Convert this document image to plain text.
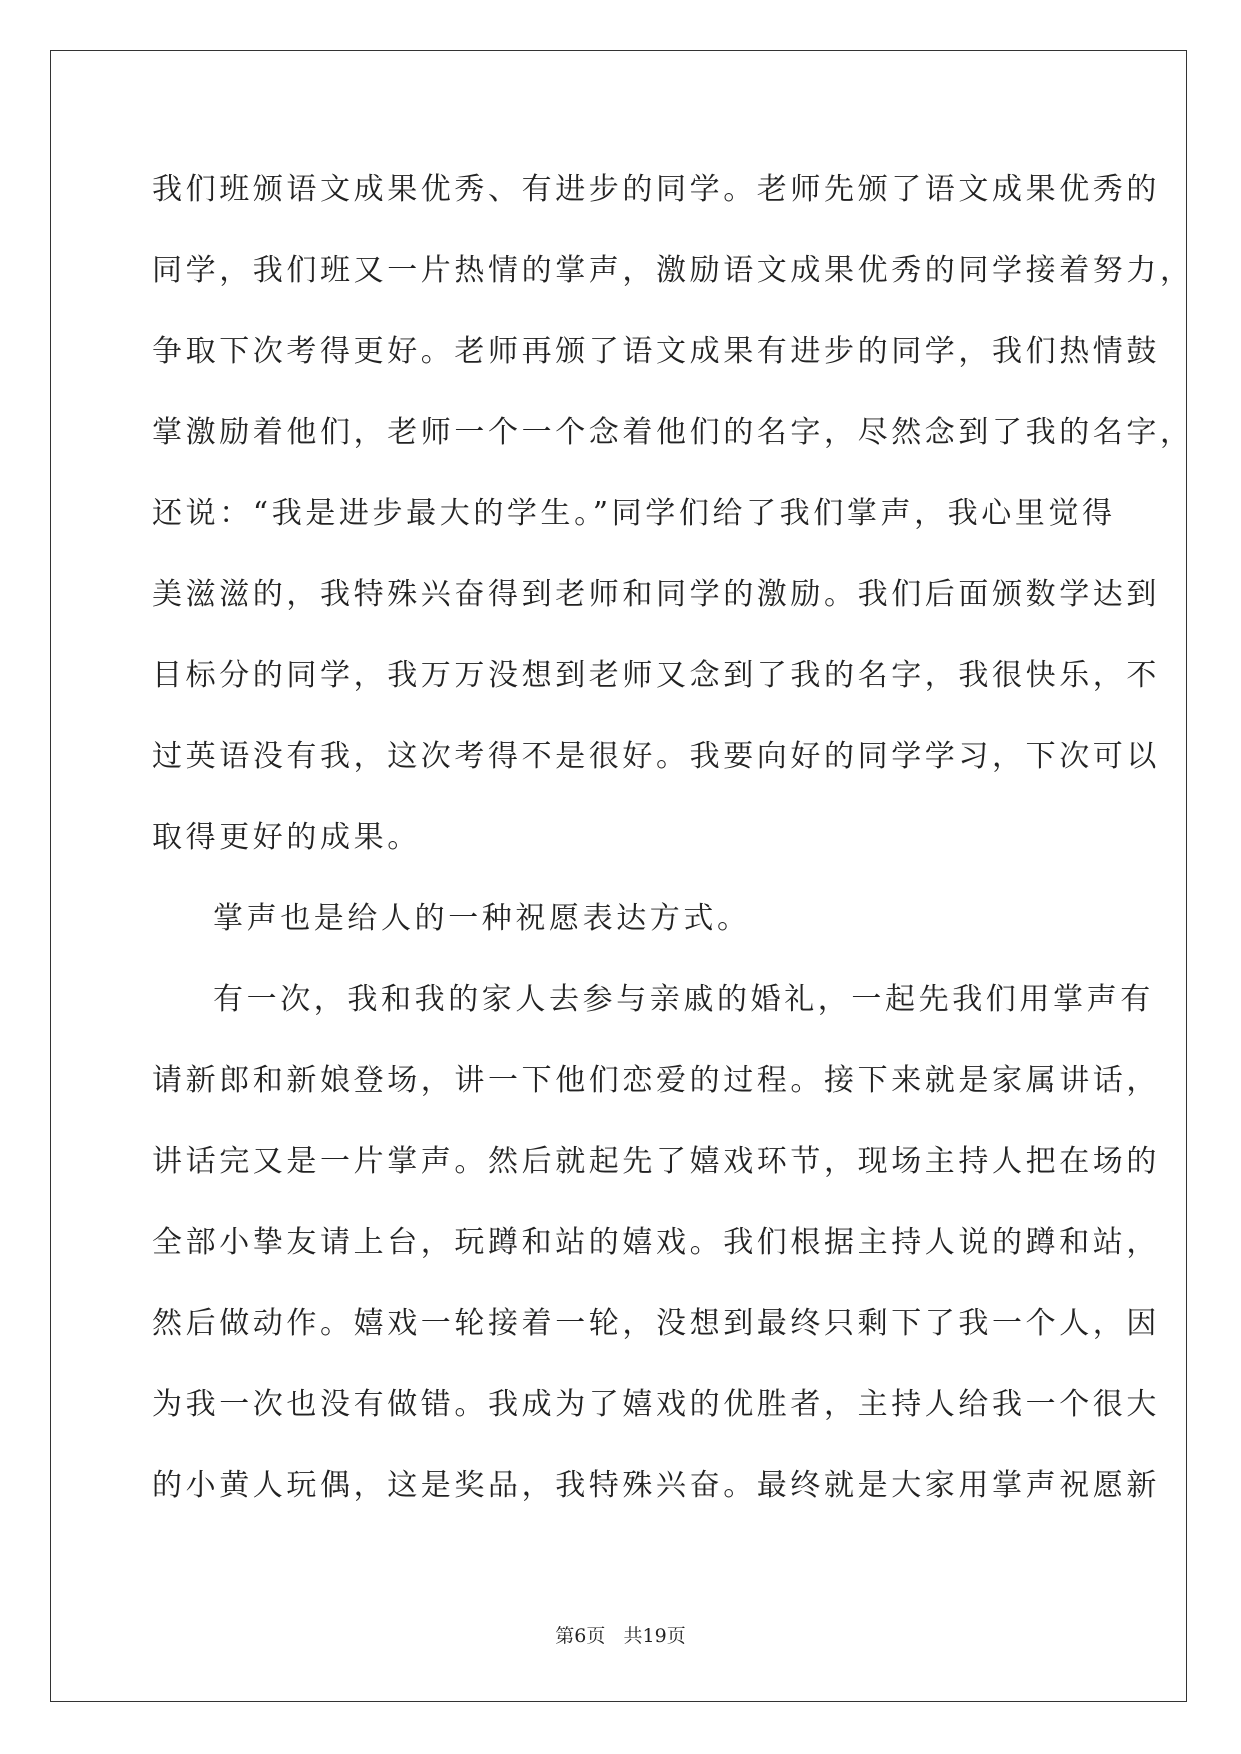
我们班颁语文成果优秀、有进步的同学。老师先颁了语文成果优秀的
同学，我们班又一片热情的掌声，激励语文成果优秀的同学接着努力，
争取下次考得更好。老师再颁了语文成果有进步的同学，我们热情鼓
掌激励着他们，老师一个一个念着他们的名字，尽然念到了我的名字，
还说：“我是进步最大的学生。”同学们给了我们掌声，我心里觉得
美滋滋的，我特殊兴奋得到老师和同学的激励。我们后面颁数学达到
目标分的同学，我万万没想到老师又念到了我的名字，我很快乐，不
过英语没有我，这次考得不是很好。我要向好的同学学习，下次可以
取得更好的成果。
掌声也是给人的一种祝愿表达方式。
有一次，我和我的家人去参与亲戚的婚礼，一起先我们用掌声有
请新郎和新娘登场，讲一下他们恋爱的过程。接下来就是家属讲话，
讲话完又是一片掌声。然后就起先了嬉戏环节，现场主持人把在场的
全部小挚友请上台，玩蹲和站的嬉戏。我们根据主持人说的蹲和站，
然后做动作。嬉戏一轮接着一轮，没想到最终只剩下了我一个人，因
为我一次也没有做错。我成为了嬉戏的优胜者，主持人给我一个很大
的小黄人玩偶，这是奖品，我特殊兴奋。最终就是大家用掌声祝愿新
第6页 共19页
